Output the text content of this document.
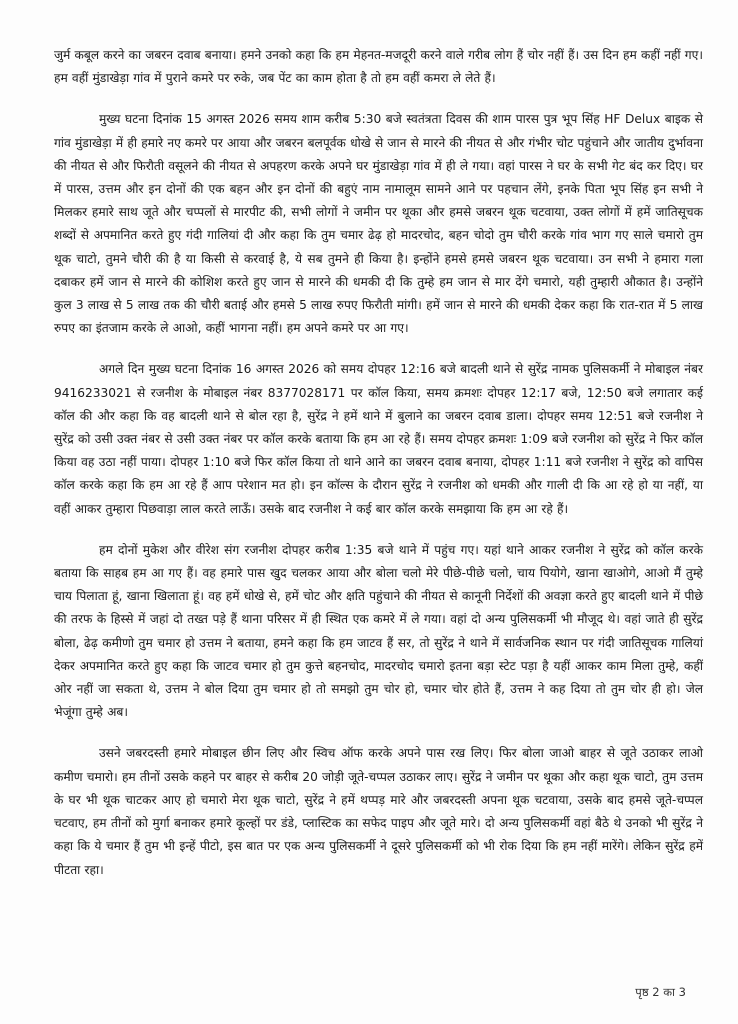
जुर्म कबूल करने का जबरन दवाब बनाया। हमने उनको कहा कि हम मेहनत-मजदूरी करने वाले गरीब लोग हैं चोर नहीं हैं। उस दिन हम कहीं नहीं गए। हम वहीं मुंडाखेड़ा गांव में पुराने कमरे पर रुके, जब पेंट का काम होता है तो हम वहीं कमरा ले लेते हैं।

मुख्य घटना दिनांक 15 अगस्त 2026 समय शाम करीब 5:30 बजे स्वतंत्रता दिवस की शाम पारस पुत्र भूप सिंह HF Delux बाइक से गांव मुंडाखेड़ा में ही हमारे नए कमरे पर आया और जबरन बलपूर्वक धोखे से जान से मारने की नीयत से और गंभीर चोट पहुंचाने और जातीय दुर्भावना की नीयत से और फिरौती वसूलने की नीयत से अपहरण करके अपने घर मुंडाखेड़ा गांव में ही ले गया। वहां पारस ने घर के सभी गेट बंद कर दिए। घर में पारस, उत्तम और इन दोनों की एक बहन और इन दोनों की बहुएं नाम नामालूम सामने आने पर पहचान लेंगे, इनके पिता भूप सिंह इन सभी ने मिलकर हमारे साथ जूते और चप्पलों से मारपीट की, सभी लोगों ने जमीन पर थूका और हमसे जबरन थूक चटवाया, उक्त लोगों में हमें जातिसूचक शब्दों से अपमानित करते हुए गंदी गालियां दी और कहा कि तुम चमार ढेढ़ हो मादरचोद, बहन चोदो तुम चौरी करके गांव भाग गए साले चमारो तुम थूक चाटो, तुमने चौरी की है या किसी से करवाई है, ये सब तुमने ही किया है। इन्होंने हमसे हमसे जबरन थूक चटवाया। उन सभी ने हमारा गला दबाकर हमें जान से मारने की कोशिश करते हुए जान से मारने की धमकी दी कि तुम्हे हम जान से मार देंगे चमारो, यही तुम्हारी औकात है। उन्होंने कुल 3 लाख से 5 लाख तक की चौरी बताई और हमसे 5 लाख रुपए फिरौती मांगी। हमें जान से मारने की धमकी देकर कहा कि रात-रात में 5 लाख रुपए का इंतजाम करके ले आओ, कहीं भागना नहीं। हम अपने कमरे पर आ गए।

अगले दिन मुख्य घटना दिनांक 16 अगस्त 2026 को समय दोपहर 12:16 बजे बादली थाने से सुरेंद्र नामक पुलिसकर्मी ने मोबाइल नंबर 9416233021 से रजनीश के मोबाइल नंबर 8377028171 पर कॉल किया, समय क्रमशः दोपहर 12:17 बजे, 12:50 बजे लगातार कई कॉल की और कहा कि वह बादली थाने से बोल रहा है, सुरेंद्र ने हमें थाने में बुलाने का जबरन दवाब डाला। दोपहर समय 12:51 बजे रजनीश ने सुरेंद्र को उसी उक्त नंबर से उसी उक्त नंबर पर कॉल करके बताया कि हम आ रहे हैं। समय दोपहर क्रमशः 1:09 बजे रजनीश को सुरेंद्र ने फिर कॉल किया वह उठा नहीं पाया। दोपहर 1:10 बजे फिर कॉल किया तो थाने आने का जबरन दवाब बनाया, दोपहर 1:11 बजे रजनीश ने सुरेंद्र को वापिस कॉल करके कहा कि हम आ रहे हैं आप परेशान मत हो। इन कॉल्स के दौरान सुरेंद्र ने रजनीश को धमकी और गाली दी कि आ रहे हो या नहीं, या वहीं आकर तुम्हारा पिछवाड़ा लाल करते लाऊँ। उसके बाद रजनीश ने कई बार कॉल करके समझाया कि हम आ रहे हैं।

हम दोनों मुकेश और वीरेश संग रजनीश दोपहर करीब 1:35 बजे थाने में पहुंच गए। यहां थाने आकर रजनीश ने सुरेंद्र को कॉल करके बताया कि साहब हम आ गए हैं। वह हमारे पास खुद चलकर आया और बोला चलो मेरे पीछे-पीछे चलो, चाय पियोगे, खाना खाओगे, आओ मैं तुम्हे चाय पिलाता हूं, खाना खिलाता हूं। वह हमें धोखे से, हमें चोट और क्षति पहुंचाने की नीयत से कानूनी निर्देशों की अवज्ञा करते हुए बादली थाने में पीछे की तरफ के हिस्से में जहां दो तख्त पड़े हैं थाना परिसर में ही स्थित एक कमरे में ले गया। वहां दो अन्य पुलिसकर्मी भी मौजूद थे। वहां जाते ही सुरेंद्र बोला, ढेढ़ कमीणो तुम चमार हो उत्तम ने बताया, हमने कहा कि हम जाटव हैं सर, तो सुरेंद्र ने थाने में सार्वजनिक स्थान पर गंदी जातिसूचक गालियां देकर अपमानित करते हुए कहा कि जाटव चमार हो तुम कुत्ते बहनचोद, मादरचोद चमारो इतना बड़ा स्टेट पड़ा है यहीं आकर काम मिला तुम्हे, कहीं ओर नहीं जा सकता थे, उत्तम ने बोल दिया तुम चमार हो तो समझो तुम चोर हो, चमार चोर होते हैं, उत्तम ने कह दिया तो तुम चोर ही हो। जेल भेजूंगा तुम्हे अब।

उसने जबरदस्ती हमारे मोबाइल छीन लिए और स्विच ऑफ करके अपने पास रख लिए। फिर बोला जाओ बाहर से जूते उठाकर लाओ कमीण चमारो। हम तीनों उसके कहने पर बाहर से करीब 20 जोड़ी जूते-चप्पल उठाकर लाए। सुरेंद्र ने जमीन पर थूका और कहा थूक चाटो, तुम उत्तम के घर भी थूक चाटकर आए हो चमारो मेरा थूक चाटो, सुरेंद्र ने हमें थप्पड़ मारे और जबरदस्ती अपना थूक चटवाया, उसके बाद हमसे जूते-चप्पल चटवाए, हम तीनों को मुर्गा बनाकर हमारे कूल्हों पर डंडे, प्लास्टिक का सफेद पाइप और जूते मारे। दो अन्य पुलिसकर्मी वहां बैठे थे उनको भी सुरेंद्र ने कहा कि ये चमार हैं तुम भी इन्हें पीटो, इस बात पर एक अन्य पुलिसकर्मी ने दूसरे पुलिसकर्मी को भी रोक दिया कि हम नहीं मारेंगे। लेकिन सुरेंद्र हमें पीटता रहा।

पृष्ठ 2 का 3
